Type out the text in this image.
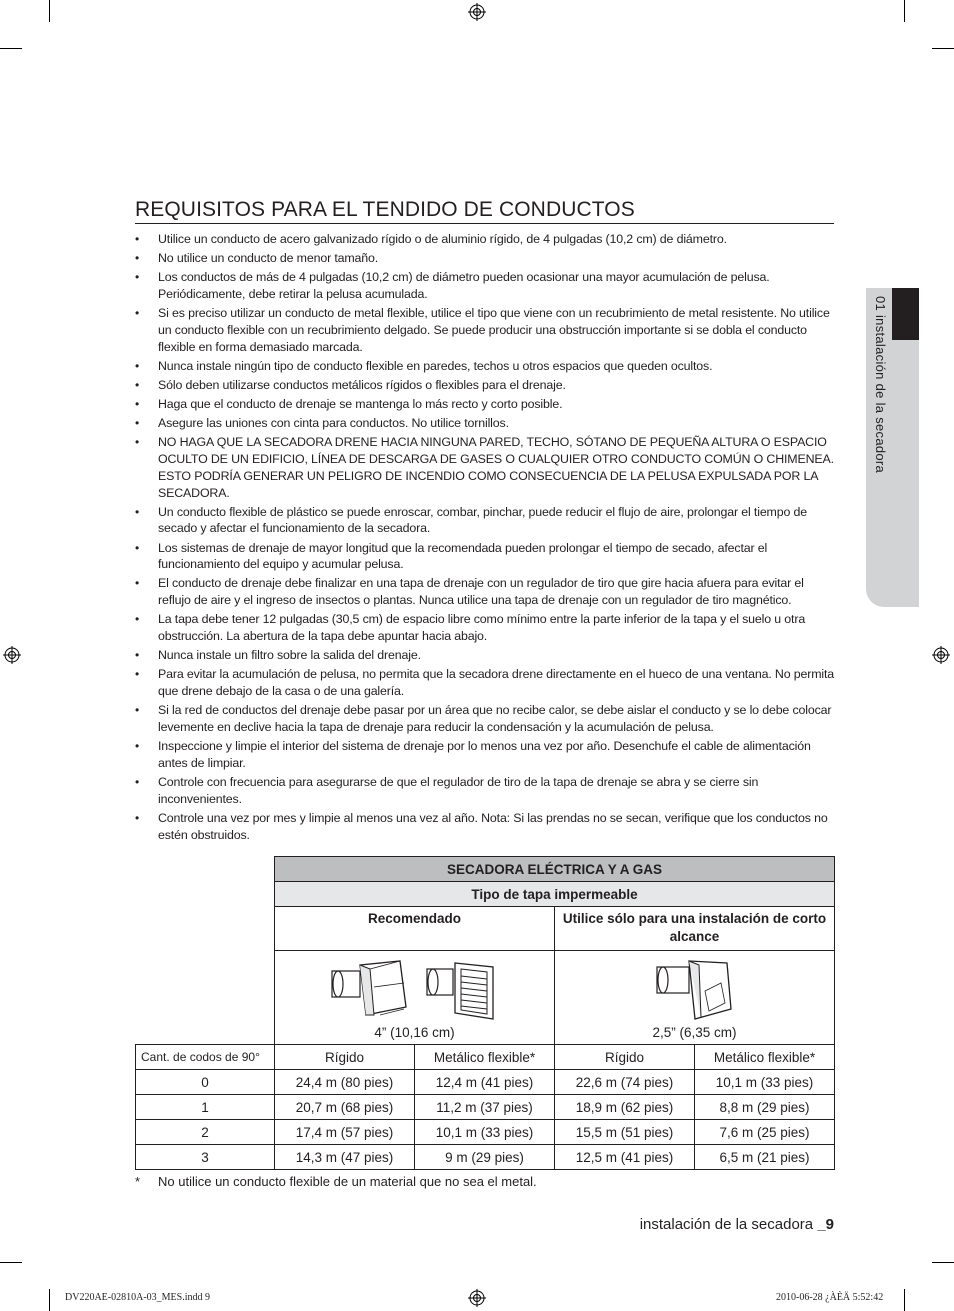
01 instalación de la secadora
REQUISITOS PARA EL TENDIDO DE CONDUCTOS
• Utilice un conducto de acero galvanizado rígido o de aluminio rígido, de 4 pulgadas (10,2 cm) de diámetro.
• No utilice un conducto de menor tamaño.
• Los conductos de más de 4 pulgadas (10,2 cm) de diámetro pueden ocasionar una mayor acumulación de pelusa. Periódicamente, debe retirar la pelusa acumulada.
• Si es preciso utilizar un conducto de metal flexible, utilice el tipo que viene con un recubrimiento de metal resistente. No utilice un conducto flexible con un recubrimiento delgado. Se puede producir una obstrucción importante si se dobla el conducto flexible en forma demasiado marcada.
• Nunca instale ningún tipo de conducto flexible en paredes, techos u otros espacios que queden ocultos.
• Sólo deben utilizarse conductos metálicos rígidos o flexibles para el drenaje.
• Haga que el conducto de drenaje se mantenga lo más recto y corto posible.
• Asegure las uniones con cinta para conductos. No utilice tornillos.
• NO HAGA QUE LA SECADORA DRENE HACIA NINGUNA PARED, TECHO, SÓTANO DE PEQUEÑA ALTURA O ESPACIO OCULTO DE UN EDIFICIO, LÍNEA DE DESCARGA DE GASES O CUALQUIER OTRO CONDUCTO COMÚN O CHIMENEA. ESTO PODRÍA GENERAR UN PELIGRO DE INCENDIO COMO CONSECUENCIA DE LA PELUSA EXPULSADA POR LA SECADORA.
• Un conducto flexible de plástico se puede enroscar, combar, pinchar, puede reducir el flujo de aire, prolongar el tiempo de secado y afectar el funcionamiento de la secadora.
• Los sistemas de drenaje de mayor longitud que la recomendada pueden prolongar el tiempo de secado, afectar el funcionamiento del equipo y acumular pelusa.
• El conducto de drenaje debe finalizar en una tapa de drenaje con un regulador de tiro que gire hacia afuera para evitar el reflujo de aire y el ingreso de insectos o plantas. Nunca utilice una tapa de drenaje con un regulador de tiro magnético.
• La tapa debe tener 12 pulgadas (30,5 cm) de espacio libre como mínimo entre la parte inferior de la tapa y el suelo u otra obstrucción. La abertura de la tapa debe apuntar hacia abajo.
• Nunca instale un filtro sobre la salida del drenaje.
• Para evitar la acumulación de pelusa, no permita que la secadora drene directamente en el hueco de una ventana. No permita que drene debajo de la casa o de una galería.
• Si la red de conductos del drenaje debe pasar por un área que no recibe calor, se debe aislar el conducto y se lo debe colocar levemente en declive hacia la tapa de drenaje para reducir la condensación y la acumulación de pelusa.
• Inspeccione y limpie el interior del sistema de drenaje por lo menos una vez por año. Desenchufe el cable de alimentación antes de limpiar.
• Controle con frecuencia para asegurarse de que el regulador de tiro de la tapa de drenaje se abra y se cierre sin inconvenientes.
• Controle una vez por mes y limpie al menos una vez al año. Nota: Si las prendas no se secan, verifique que los conductos no estén obstruidos.
	SECADORA ELÉCTRICA Y A GAS			
	Tipo de tapa impermeable			
	Recomendado		Utilice sólo para una instalación de corto alcance	

4” (10,16 cm)		2,5” (6,35 cm)	
Cant. de codos de 90°	Rígido	Metálico flexible*	Rígido	Metálico flexible*
0	24,4 m (80 pies)	12,4 m (41 pies)	22,6 m (74 pies)	10,1 m (33 pies)
1	20,7 m (68 pies)	11,2 m (37 pies)	18,9 m (62 pies)	8,8 m (29 pies)
2	17,4 m (57 pies)	10,1 m (33 pies)	15,5 m (51 pies)	7,6 m (25 pies)
3	14,3 m (47 pies)	9 m (29 pies)	12,5 m (41 pies)	6,5 m (21 pies)
* No utilice un conducto flexible de un material que no sea el metal.
instalación de la secadora _9
DV220AE-02810A-03_MES.indd 9	2010-06-28 ¿ÀÈÄ 5:52:42
